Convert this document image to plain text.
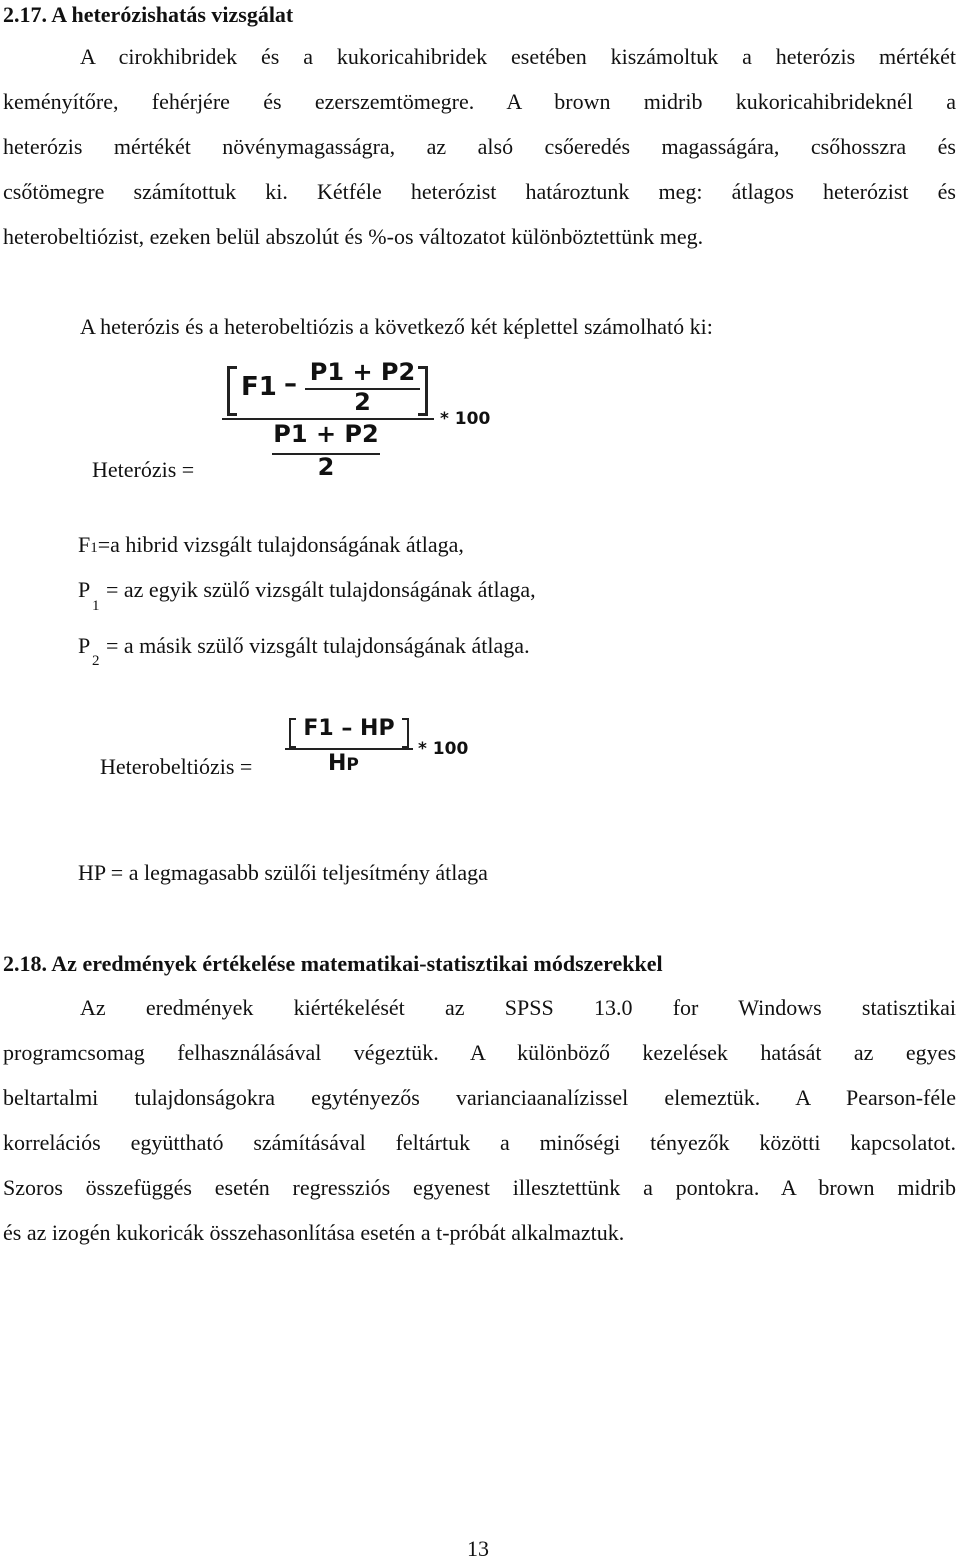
2.17. A heterózishatás vizsgálat
A cirokhibridek és a kukoricahibridek esetében kiszámoltuk a heterózis mértékét
keményítőre, fehérjére és ezerszemtömegre. A brown midrib kukoricahibrideknél a
heterózis mértékét növénymagasságra, az alsó csőeredés magasságára, csőhosszra és
csőtömegre számítottuk ki. Kétféle heterózist határoztunk meg: átlagos heterózist és
heterobeltiózist, ezeken belül abszolút és %-os változatot különböztettünk meg.
A heterózis és a heterobeltiózis a következő két képlettel számolható ki:
Heterózis =
F1 – P1 + P2
2
P1 + P2
2
* 100
F1=a hibrid vizsgált tulajdonságának átlaga,
P
1
= az egyik szülő vizsgált tulajdonságának átlaga,
P
2
= a másik szülő vizsgált tulajdonságának átlaga.
Heterobeltiózis =
F1 – HP
HP
* 100
HP = a legmagasabb szülői teljesítmény átlaga
2.18. Az eredmények értékelése matematikai-statisztikai módszerekkel
Az eredmények kiértékelését az SPSS 13.0 for Windows statisztikai
programcsomag felhasználásával végeztük. A különböző kezelések hatását az egyes
beltartalmi tulajdonságokra egytényezős varianciaanalízissel elemeztük. A Pearson-féle
korrelációs együttható számításával feltártuk a minőségi tényezők közötti kapcsolatot.
Szoros összefüggés esetén regressziós egyenest illesztettünk a pontokra. A brown midrib
és az izogén kukoricák összehasonlítása esetén a t-próbát alkalmaztuk.
13
